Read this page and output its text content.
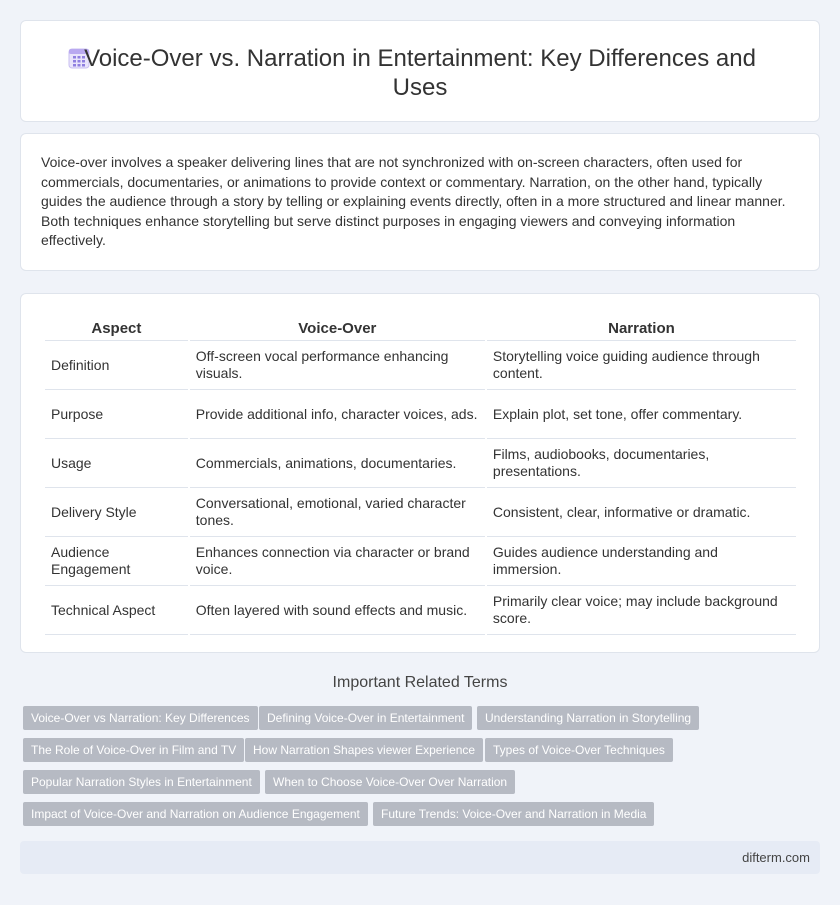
Voice-Over vs. Narration in Entertainment: Key Differences and Uses

Voice-over involves a speaker delivering lines that are not synchronized with on-screen characters, often used for commercials, documentaries, or animations to provide context or commentary. Narration, on the other hand, typically guides the audience through a story by telling or explaining events directly, often in a more structured and linear manner. Both techniques enhance storytelling but serve distinct purposes in engaging viewers and conveying information effectively.

Aspect	Voice-Over	Narration
Definition	Off-screen vocal performance enhancing visuals.	Storytelling voice guiding audience through content.
Purpose	Provide additional info, character voices, ads.	Explain plot, set tone, offer commentary.
Usage	Commercials, animations, documentaries.	Films, audiobooks, documentaries, presentations.
Delivery Style	Conversational, emotional, varied character tones.	Consistent, clear, informative or dramatic.
Audience Engagement	Enhances connection via character or brand voice.	Guides audience understanding and immersion.
Technical Aspect	Often layered with sound effects and music.	Primarily clear voice; may include background score.
Important Related Terms
Voice-Over vs Narration: Key Differences	Defining Voice-Over in Entertainment	Understanding Narration in Storytelling
The Role of Voice-Over in Film and TV	How Narration Shapes viewer Experience	Types of Voice-Over Techniques
Popular Narration Styles in Entertainment	When to Choose Voice-Over Over Narration
Impact of Voice-Over and Narration on Audience Engagement	Future Trends: Voice-Over and Narration in Media
difterm.com
